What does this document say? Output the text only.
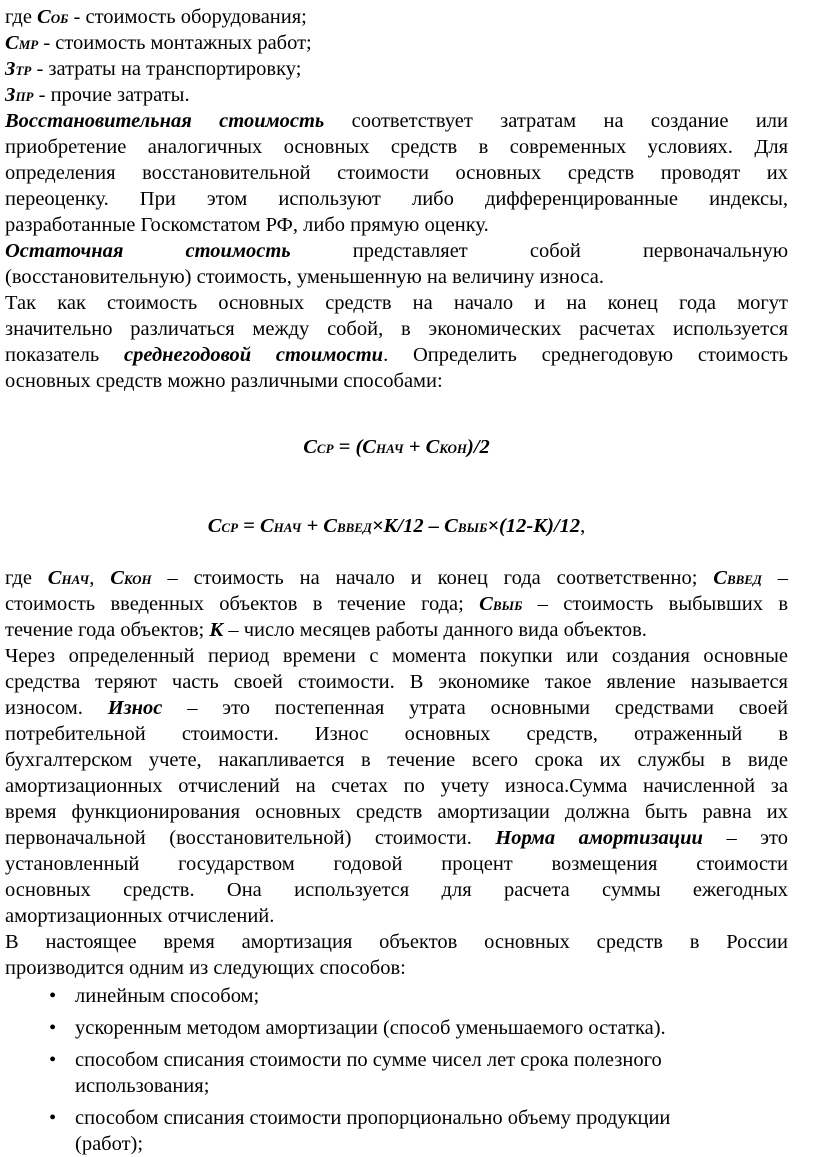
где СОБ - стоимость оборудования;
СМР - стоимость монтажных работ;
ЗТР - затраты на транспортировку;
ЗПР - прочие затраты.
Восстановительная стоимость соответствует затратам на создание или
приобретение аналогичных основных средств в современных условиях. Для
определения восстановительной стоимости основных средств проводят их
переоценку. При этом используют либо дифференцированные индексы,
разработанные Госкомстатом РФ, либо прямую оценку.
Остаточная стоимость представляет собой первоначальную
(восстановительную) стоимость, уменьшенную на величину износа.
Так как стоимость основных средств на начало и на конец года могут
значительно различаться между собой, в экономических расчетах используется
показатель среднегодовой стоимости. Определить среднегодовую стоимость
основных средств можно различными способами:
ССР = (СНАЧ + СКОН)/2
ССР = СНАЧ + СВВЕД×К/12 – СВЫБ×(12-К)/12,
где СНАЧ, СКОН – стоимость на начало и конец года соответственно; СВВЕД –
стоимость введенных объектов в течение года; СВЫБ – стоимость выбывших в
течение года объектов; К – число месяцев работы данного вида объектов.
Через определенный период времени с момента покупки или создания основные
средства теряют часть своей стоимости. В экономике такое явление называется
износом. Износ – это постепенная утрата основными средствами своей
потребительной стоимости. Износ основных средств, отраженный в
бухгалтерском учете, накапливается в течение всего срока их службы в виде
амортизационных отчислений на счетах по учету износа.Сумма начисленной за
время функционирования основных средств амортизации должна быть равна их
первоначальной (восстановительной) стоимости. Норма амортизации – это
установленный государством годовой процент возмещения стоимости
основных средств. Она используется для расчета суммы ежегодных
амортизационных отчислений.
В настоящее время амортизация объектов основных средств в России
производится одним из следующих способов:
• линейным способом;
• ускоренным методом амортизации (способ уменьшаемого остатка).
• способом списания стоимости по сумме чисел лет срока полезного
использования;
• способом списания стоимости пропорционально объему продукции
(работ);
